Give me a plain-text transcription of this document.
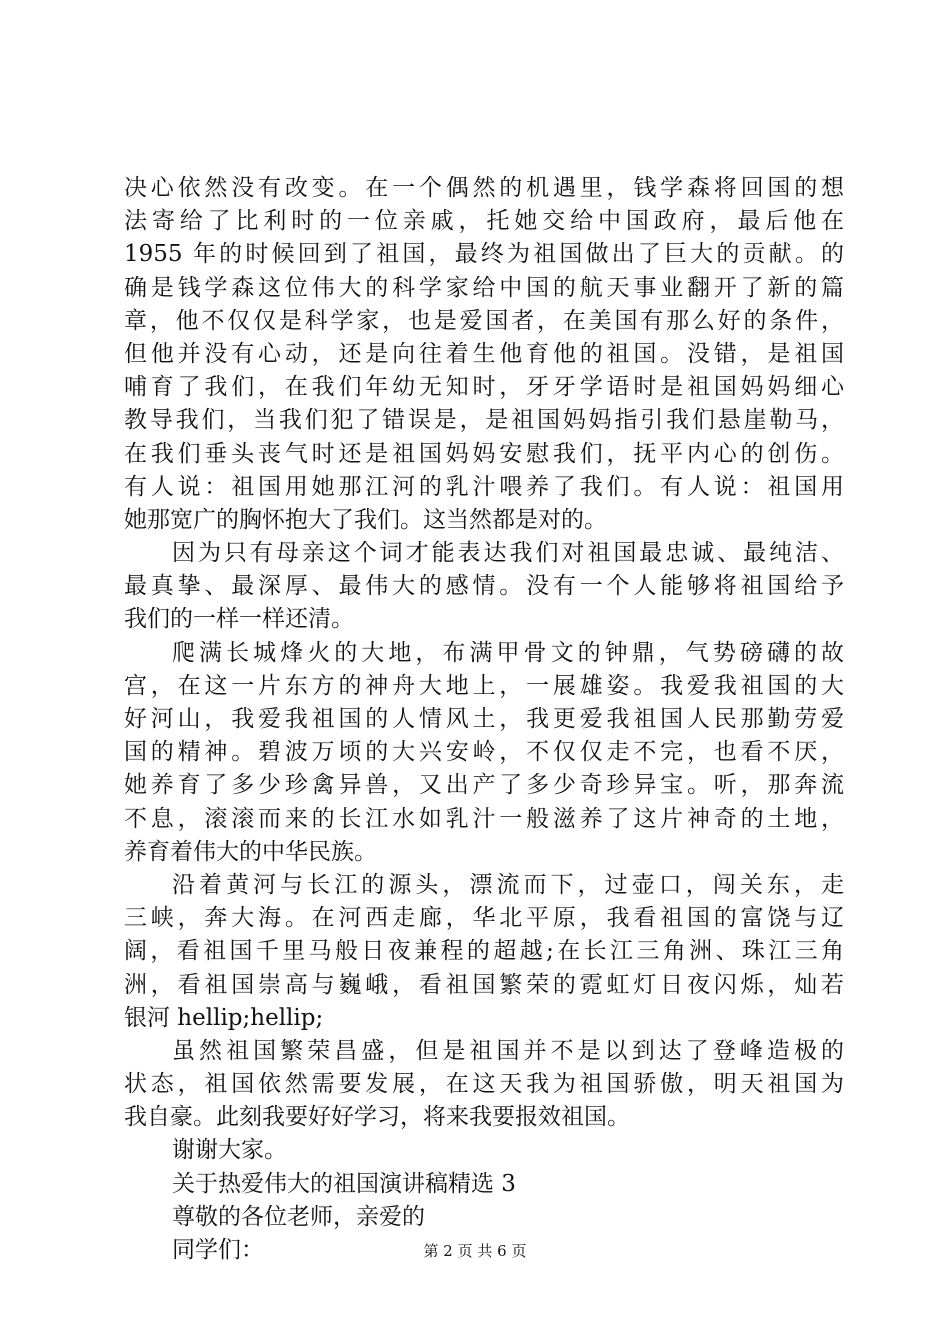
决心依然没有改变。在一个偶然的机遇里，钱学森将回国的想
法寄给了比利时的一位亲戚，托她交给中国政府，最后他在
1955 年的时候回到了祖国，最终为祖国做出了巨大的贡献。的
确是钱学森这位伟大的科学家给中国的航天事业翻开了新的篇
章，他不仅仅是科学家，也是爱国者，在美国有那么好的条件，
但他并没有心动，还是向往着生他育他的祖国。没错，是祖国
哺育了我们，在我们年幼无知时，牙牙学语时是祖国妈妈细心
教导我们，当我们犯了错误是，是祖国妈妈指引我们悬崖勒马，
在我们垂头丧气时还是祖国妈妈安慰我们，抚平内心的创伤。
有人说：祖国用她那江河的乳汁喂养了我们。有人说：祖国用
她那宽广的胸怀抱大了我们。这当然都是对的。
因为只有母亲这个词才能表达我们对祖国最忠诚、最纯洁、
最真挚、最深厚、最伟大的感情。没有一个人能够将祖国给予
我们的一样一样还清。
爬满长城烽火的大地，布满甲骨文的钟鼎，气势磅礴的故
宫，在这一片东方的神舟大地上，一展雄姿。我爱我祖国的大
好河山，我爱我祖国的人情风土，我更爱我祖国人民那勤劳爱
国的精神。碧波万顷的大兴安岭，不仅仅走不完，也看不厌，
她养育了多少珍禽异兽，又出产了多少奇珍异宝。听，那奔流
不息，滚滚而来的长江水如乳汁一般滋养了这片神奇的土地，
养育着伟大的中华民族。
沿着黄河与长江的源头，漂流而下，过壶口，闯关东，走
三峡，奔大海。在河西走廊，华北平原，我看祖国的富饶与辽
阔，看祖国千里马般日夜兼程的超越;在长江三角洲、珠江三角
洲，看祖国崇高与巍峨，看祖国繁荣的霓虹灯日夜闪烁，灿若
银河 hellip;hellip;
虽然祖国繁荣昌盛，但是祖国并不是以到达了登峰造极的
状态，祖国依然需要发展，在这天我为祖国骄傲，明天祖国为
我自豪。此刻我要好好学习，将来我要报效祖国。
谢谢大家。
关于热爱伟大的祖国演讲稿精选 3
尊敬的各位老师，亲爱的
同学们：	第 2 页 共 6 页
